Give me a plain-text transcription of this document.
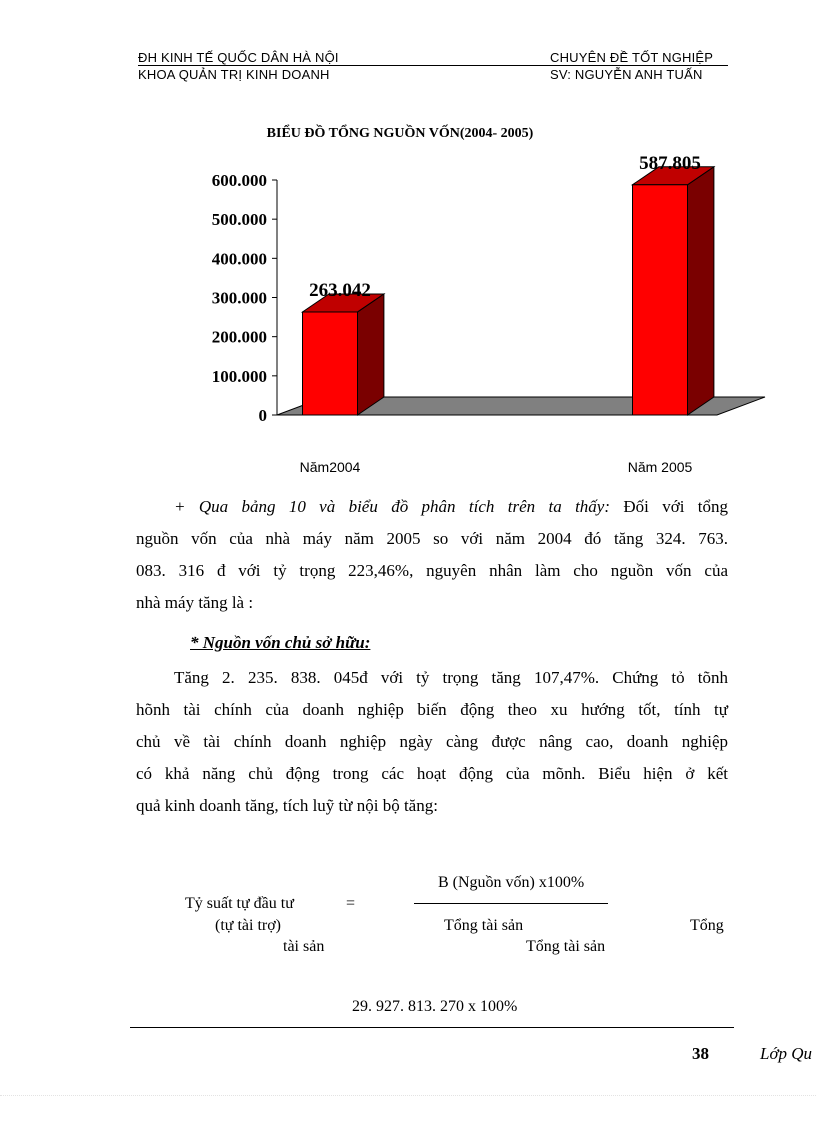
ĐH KINH TẾ QUỐC DÂN HÀ NỘI	CHUYÊN ĐỀ TỐT NGHIỆP
KHOA QUẢN TRỊ KINH DOANH	SV: NGUYỄN ANH TUẤN
BIỂU ĐỒ TỔNG NGUỒN VỐN(2004- 2005)
0
100.000
200.000
300.000
400.000
500.000
600.000
263.042
Năm2004
587.805
Năm 2005
+ Qua bảng 10 và biểu đồ phân tích trên ta thấy: Đối với tổng
nguồn vốn của nhà máy năm 2005 so với năm 2004 đó tăng 324. 763.
083. 316 đ với tỷ trọng 223,46%, nguyên nhân làm cho nguồn vốn của
nhà máy tăng là :
* Nguồn vốn chủ sở hữu:
Tăng 2. 235. 838. 045đ với tỷ trọng tăng 107,47%. Chứng tỏ tõnh
hõnh tài chính của doanh nghiệp biến động theo xu hướng tốt, tính tự
chủ về tài chính doanh nghiệp ngày càng được nâng cao, doanh nghiệp
có khả năng chủ động trong các hoạt động của mõnh. Biểu hiện ở kết
quả kinh doanh tăng, tích luỹ từ nội bộ tăng:
B (Nguồn vốn) x100%
Tỷ suất tự đầu tư	=
(tự tài trợ)	Tổng tài sản	Tổng
tài sản	Tổng tài sản
29. 927. 813. 270 x 100%
38	Lớp Qu
